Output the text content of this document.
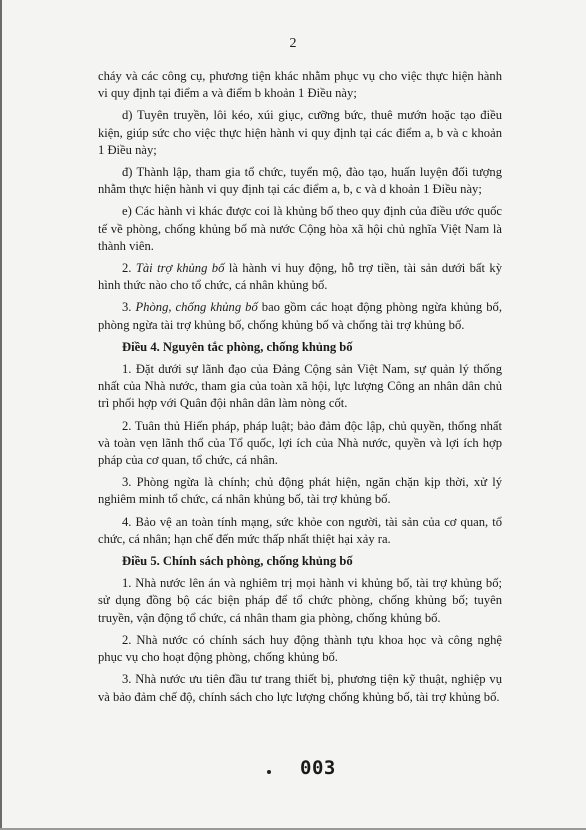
2

cháy và các công cụ, phương tiện khác nhằm phục vụ cho việc thực hiện hành vi quy định tại điểm a và điểm b khoản 1 Điều này;

d) Tuyên truyền, lôi kéo, xúi giục, cưỡng bức, thuê mướn hoặc tạo điều kiện, giúp sức cho việc thực hiện hành vi quy định tại các điểm a, b và c khoản 1 Điều này;

đ) Thành lập, tham gia tổ chức, tuyển mộ, đào tạo, huấn luyện đối tượng nhằm thực hiện hành vi quy định tại các điểm a, b, c và d khoản 1 Điều này;

e) Các hành vi khác được coi là khủng bố theo quy định của điều ước quốc tế về phòng, chống khủng bố mà nước Cộng hòa xã hội chủ nghĩa Việt Nam là thành viên.

2. Tài trợ khủng bố là hành vi huy động, hỗ trợ tiền, tài sản dưới bất kỳ hình thức nào cho tổ chức, cá nhân khủng bố.

3. Phòng, chống khủng bố bao gồm các hoạt động phòng ngừa khủng bố, phòng ngừa tài trợ khủng bố, chống khủng bố và chống tài trợ khủng bố.

Điều 4. Nguyên tắc phòng, chống khủng bố

1. Đặt dưới sự lãnh đạo của Đảng Cộng sản Việt Nam, sự quản lý thống nhất của Nhà nước, tham gia của toàn xã hội, lực lượng Công an nhân dân chủ trì phối hợp với Quân đội nhân dân làm nòng cốt.

2. Tuân thủ Hiến pháp, pháp luật; bảo đảm độc lập, chủ quyền, thống nhất và toàn vẹn lãnh thổ của Tổ quốc, lợi ích của Nhà nước, quyền và lợi ích hợp pháp của cơ quan, tổ chức, cá nhân.

3. Phòng ngừa là chính; chủ động phát hiện, ngăn chặn kịp thời, xử lý nghiêm minh tổ chức, cá nhân khủng bố, tài trợ khủng bố.

4. Bảo vệ an toàn tính mạng, sức khỏe con người, tài sản của cơ quan, tổ chức, cá nhân; hạn chế đến mức thấp nhất thiệt hại xảy ra.

Điều 5. Chính sách phòng, chống khủng bố

1. Nhà nước lên án và nghiêm trị mọi hành vi khủng bố, tài trợ khủng bố; sử dụng đồng bộ các biện pháp để tổ chức phòng, chống khủng bố; tuyên truyền, vận động tổ chức, cá nhân tham gia phòng, chống khủng bố.

2. Nhà nước có chính sách huy động thành tựu khoa học và công nghệ phục vụ cho hoạt động phòng, chống khủng bố.

3. Nhà nước ưu tiên đầu tư trang thiết bị, phương tiện kỹ thuật, nghiệp vụ và bảo đảm chế độ, chính sách cho lực lượng chống khủng bố, tài trợ khủng bố.

003
